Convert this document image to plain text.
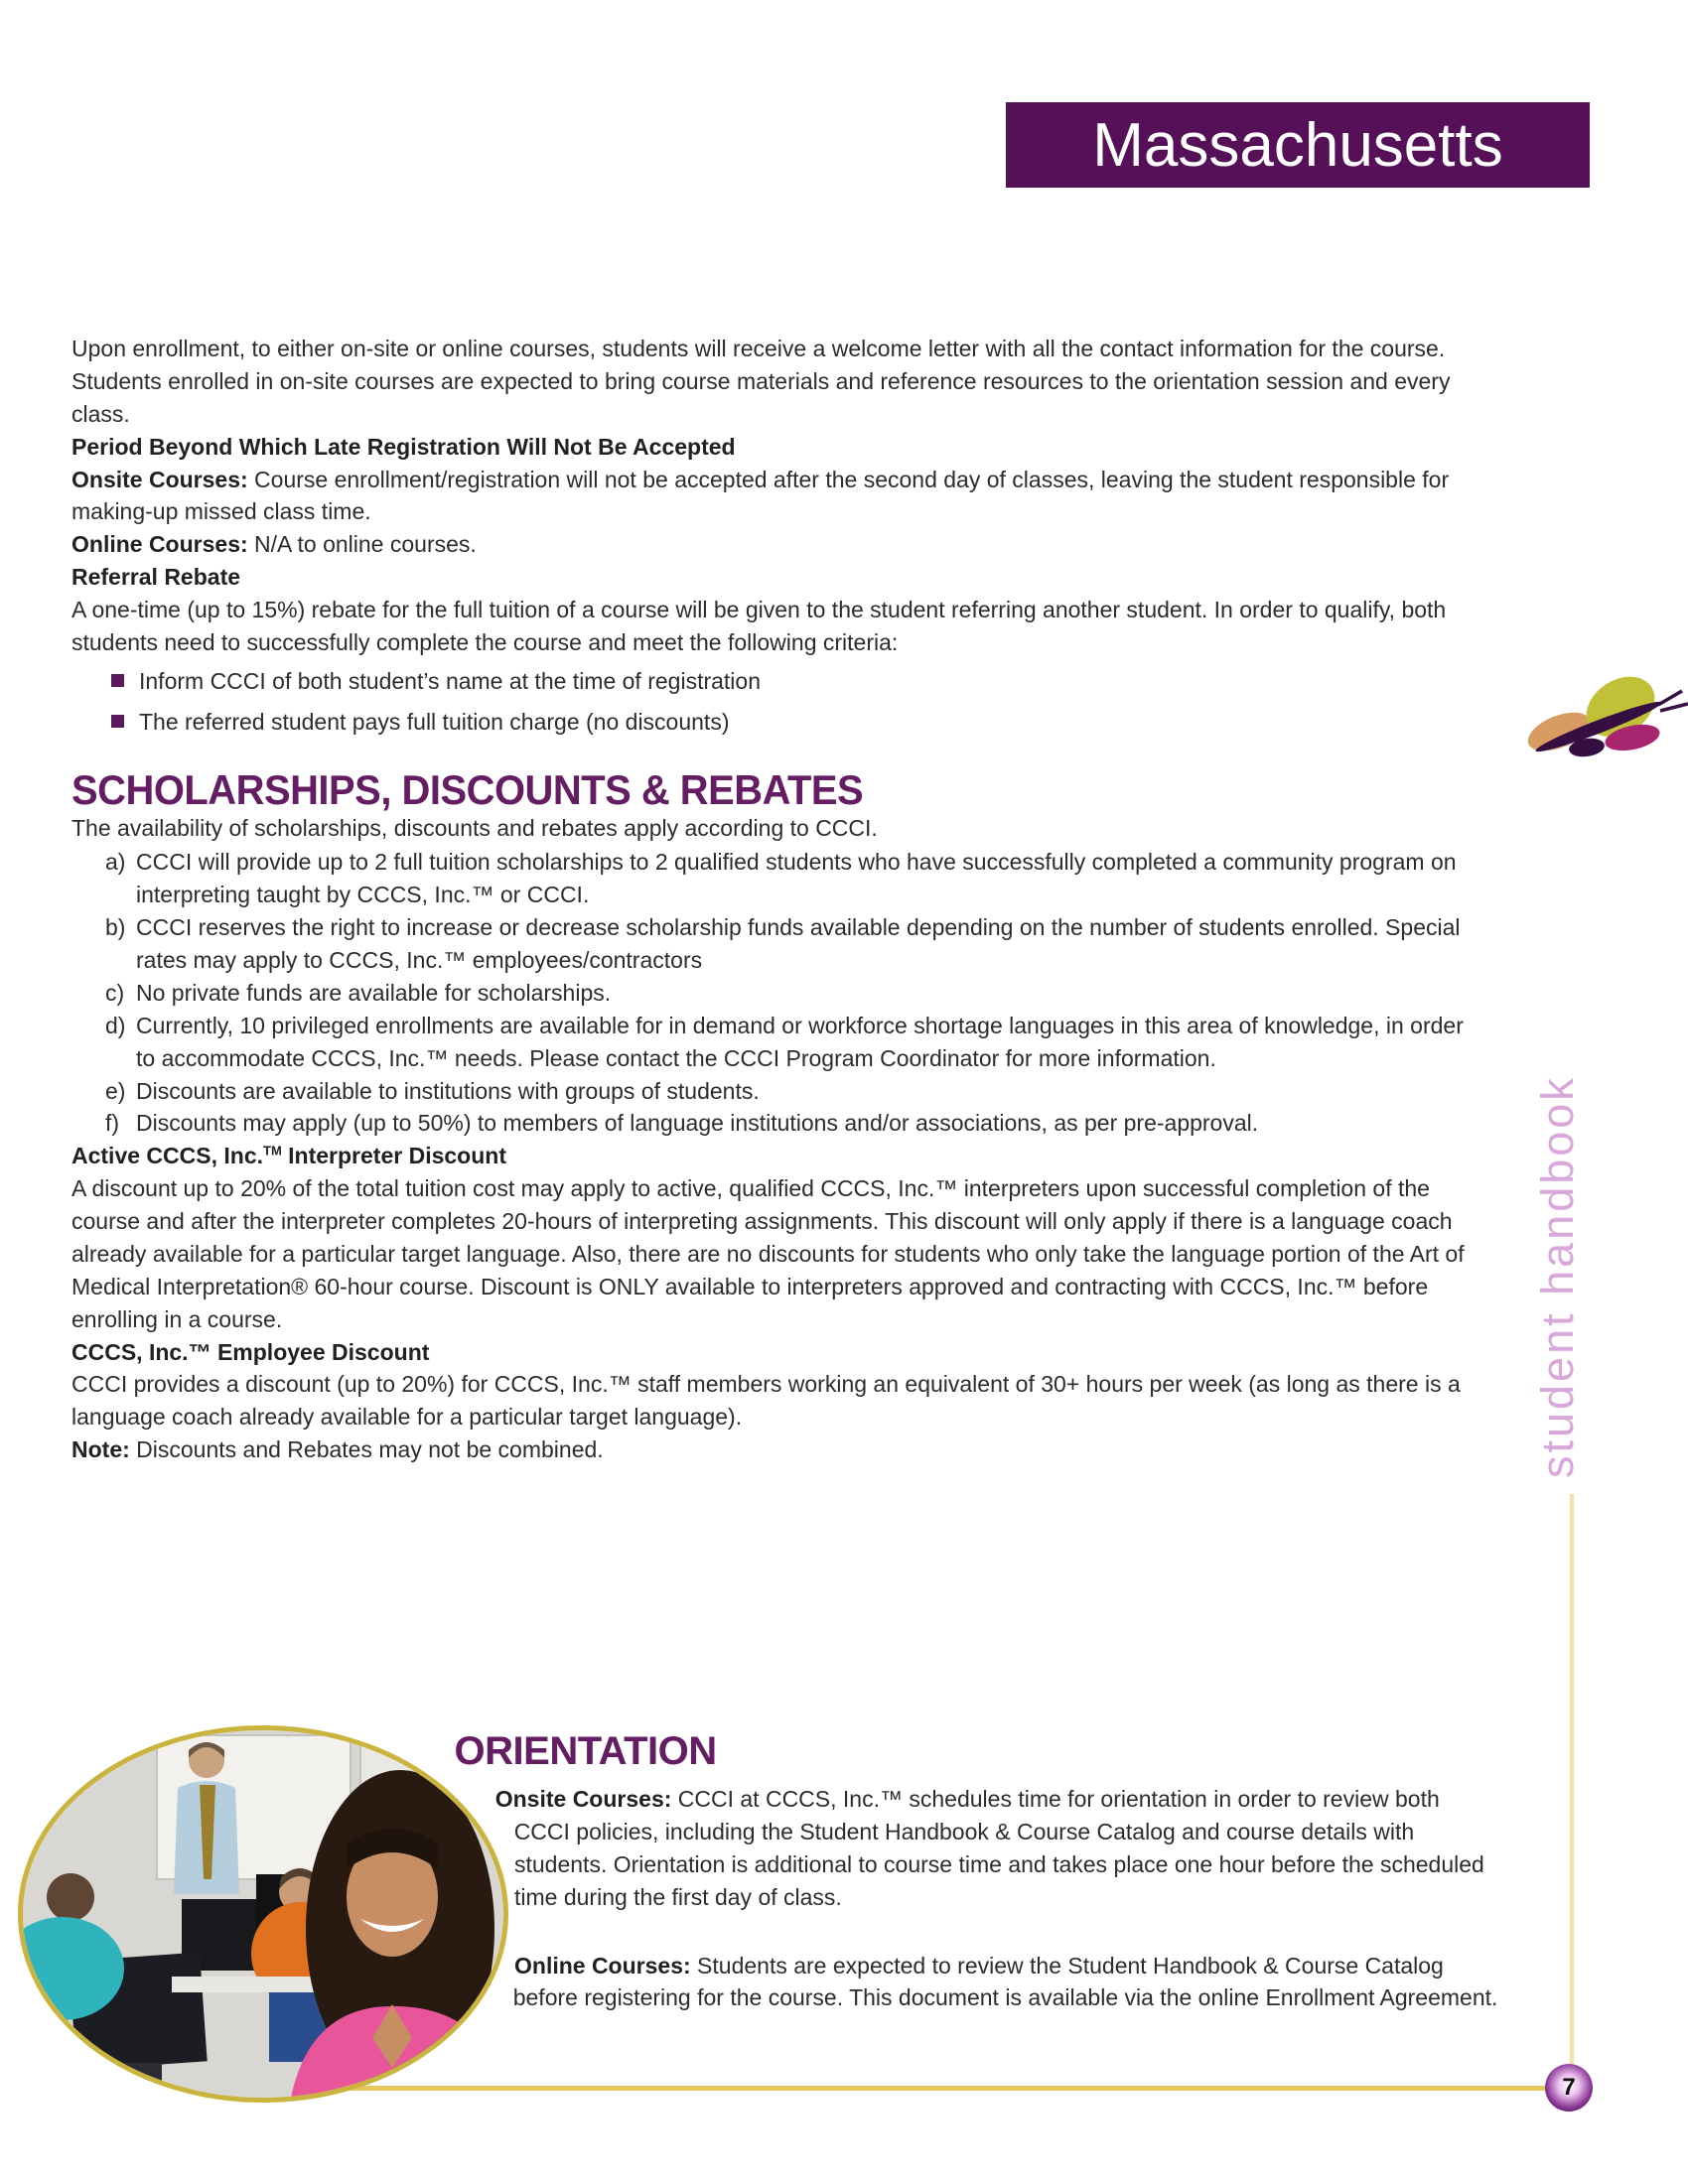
Massachusetts

Upon enrollment, to either on-site or online courses, students will receive a welcome letter with all the contact information for the course. Students enrolled in on-site courses are expected to bring course materials and reference resources to the orientation session and every class.

Period Beyond Which Late Registration Will Not Be Accepted

Onsite Courses: Course enrollment/registration will not be accepted after the second day of classes, leaving the student responsible for making-up missed class time.

Online Courses: N/A to online courses.

Referral Rebate

A one-time (up to 15%) rebate for the full tuition of a course will be given to the student referring another student. In order to qualify, both students need to successfully complete the course and meet the following criteria:

Inform CCCI of both student’s name at the time of registration
The referred student pays full tuition charge (no discounts)
SCHOLARSHIPS, DISCOUNTS & REBATES

The availability of scholarships, discounts and rebates apply according to CCCI.

a) CCCI will provide up to 2 full tuition scholarships to 2 qualified students who have successfully completed a community program on interpreting taught by CCCS, Inc.™ or CCCI.
b) CCCI reserves the right to increase or decrease scholarship funds available depending on the number of students enrolled. Special rates may apply to CCCS, Inc.™ employees/contractors
c) No private funds are available for scholarships.
d) Currently, 10 privileged enrollments are available for in demand or workforce shortage languages in this area of knowledge, in order to accommodate CCCS, Inc.™ needs. Please contact the CCCI Program Coordinator for more information.
e) Discounts are available to institutions with groups of students.
f) Discounts may apply (up to 50%) to members of language institutions and/or associations, as per pre-approval.

Active CCCS, Inc.™ Interpreter Discount

A discount up to 20% of the total tuition cost may apply to active, qualified CCCS, Inc.™ interpreters upon successful completion of the course and after the interpreter completes 20-hours of interpreting assignments. This discount will only apply if there is a language coach already available for a particular target language. Also, there are no discounts for students who only take the language portion of the Art of Medical Interpretation® 60-hour course. Discount is ONLY available to interpreters approved and contracting with CCCS, Inc.™ before enrolling in a course.

CCCS, Inc.™ Employee Discount

CCCI provides a discount (up to 20%) for CCCS, Inc.™ staff members working an equivalent of 30+ hours per week (as long as there is a language coach already available for a particular target language).

Note: Discounts and Rebates may not be combined.

ORIENTATION

Onsite Courses: CCCI at CCCS, Inc.™ schedules time for orientation in order to review both CCCI policies, including the Student Handbook & Course Catalog and course details with students. Orientation is additional to course time and takes place one hour before the scheduled time during the first day of class.

Online Courses: Students are expected to review the Student Handbook & Course Catalog before registering for the course. This document is available via the online Enrollment Agreement.

student handbook
7
